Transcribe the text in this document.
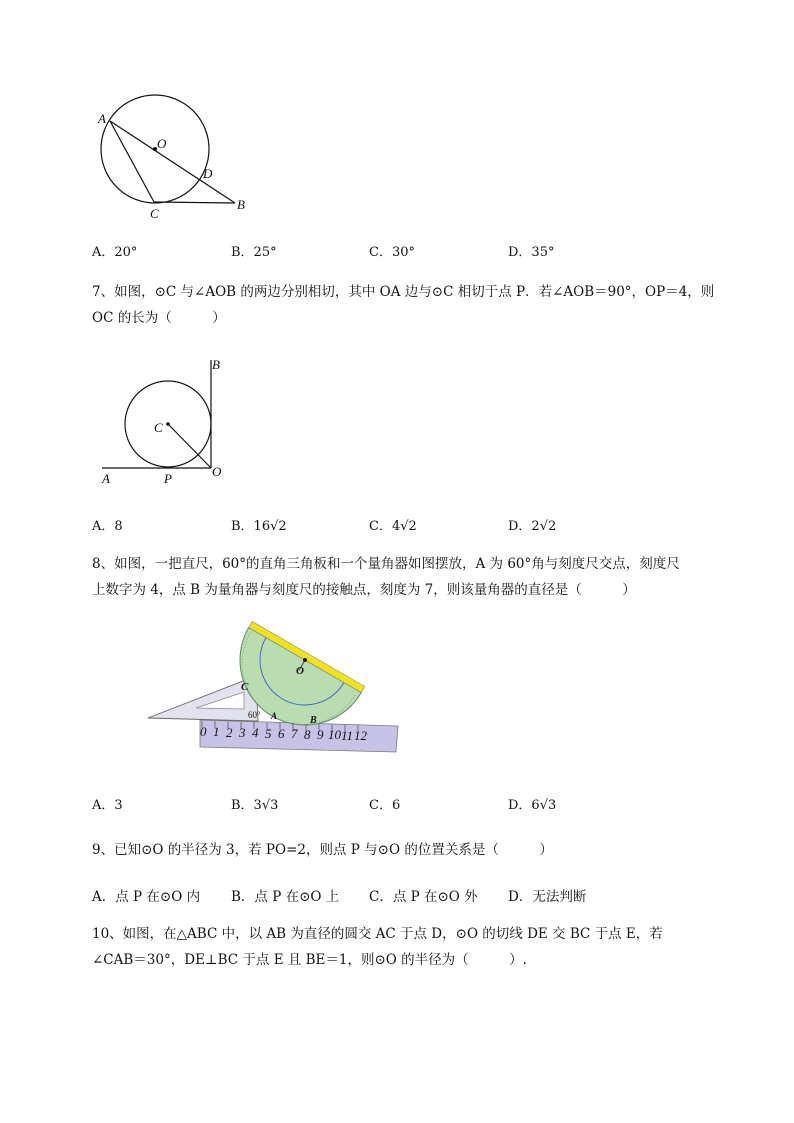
A
O
D
C
B
A．20°	B．25°	C．30°	D．35°
7、如图，⊙C 与∠AOB 的两边分别相切，其中 OA 边与⊙C 相切于点 P．若∠AOB＝90°，OP＝4，则
OC 的长为（　　　）
B
C
A	P	O
A．8	B．16√2	C．4√2	D．2√2
8、如图，一把直尺，60°的直角三角板和一个量角器如图摆放，A 为 60°角与刻度尺交点，刻度尺
上数字为 4，点 B 为量角器与刻度尺的接触点，刻度为 7，则该量角器的直径是（　　　）
0 1 2 3 4 5 6 7 8 9 10 11 12
C
O
60° A	B
A．3	B．3√3	C．6	D．6√3
9、已知⊙O 的半径为 3，若 PO=2，则点 P 与⊙O 的位置关系是（　　　）
A．点 P 在⊙O 内 B．点 P 在⊙O 上 C．点 P 在⊙O 外 D．无法判断
10、如图，在△ABC 中，以 AB 为直径的圆交 AC 于点 D，⊙O 的切线 DE 交 BC 于点 E，若
∠CAB＝30°，DE⊥BC 于点 E 且 BE＝1，则⊙O 的半径为（　　　）.
